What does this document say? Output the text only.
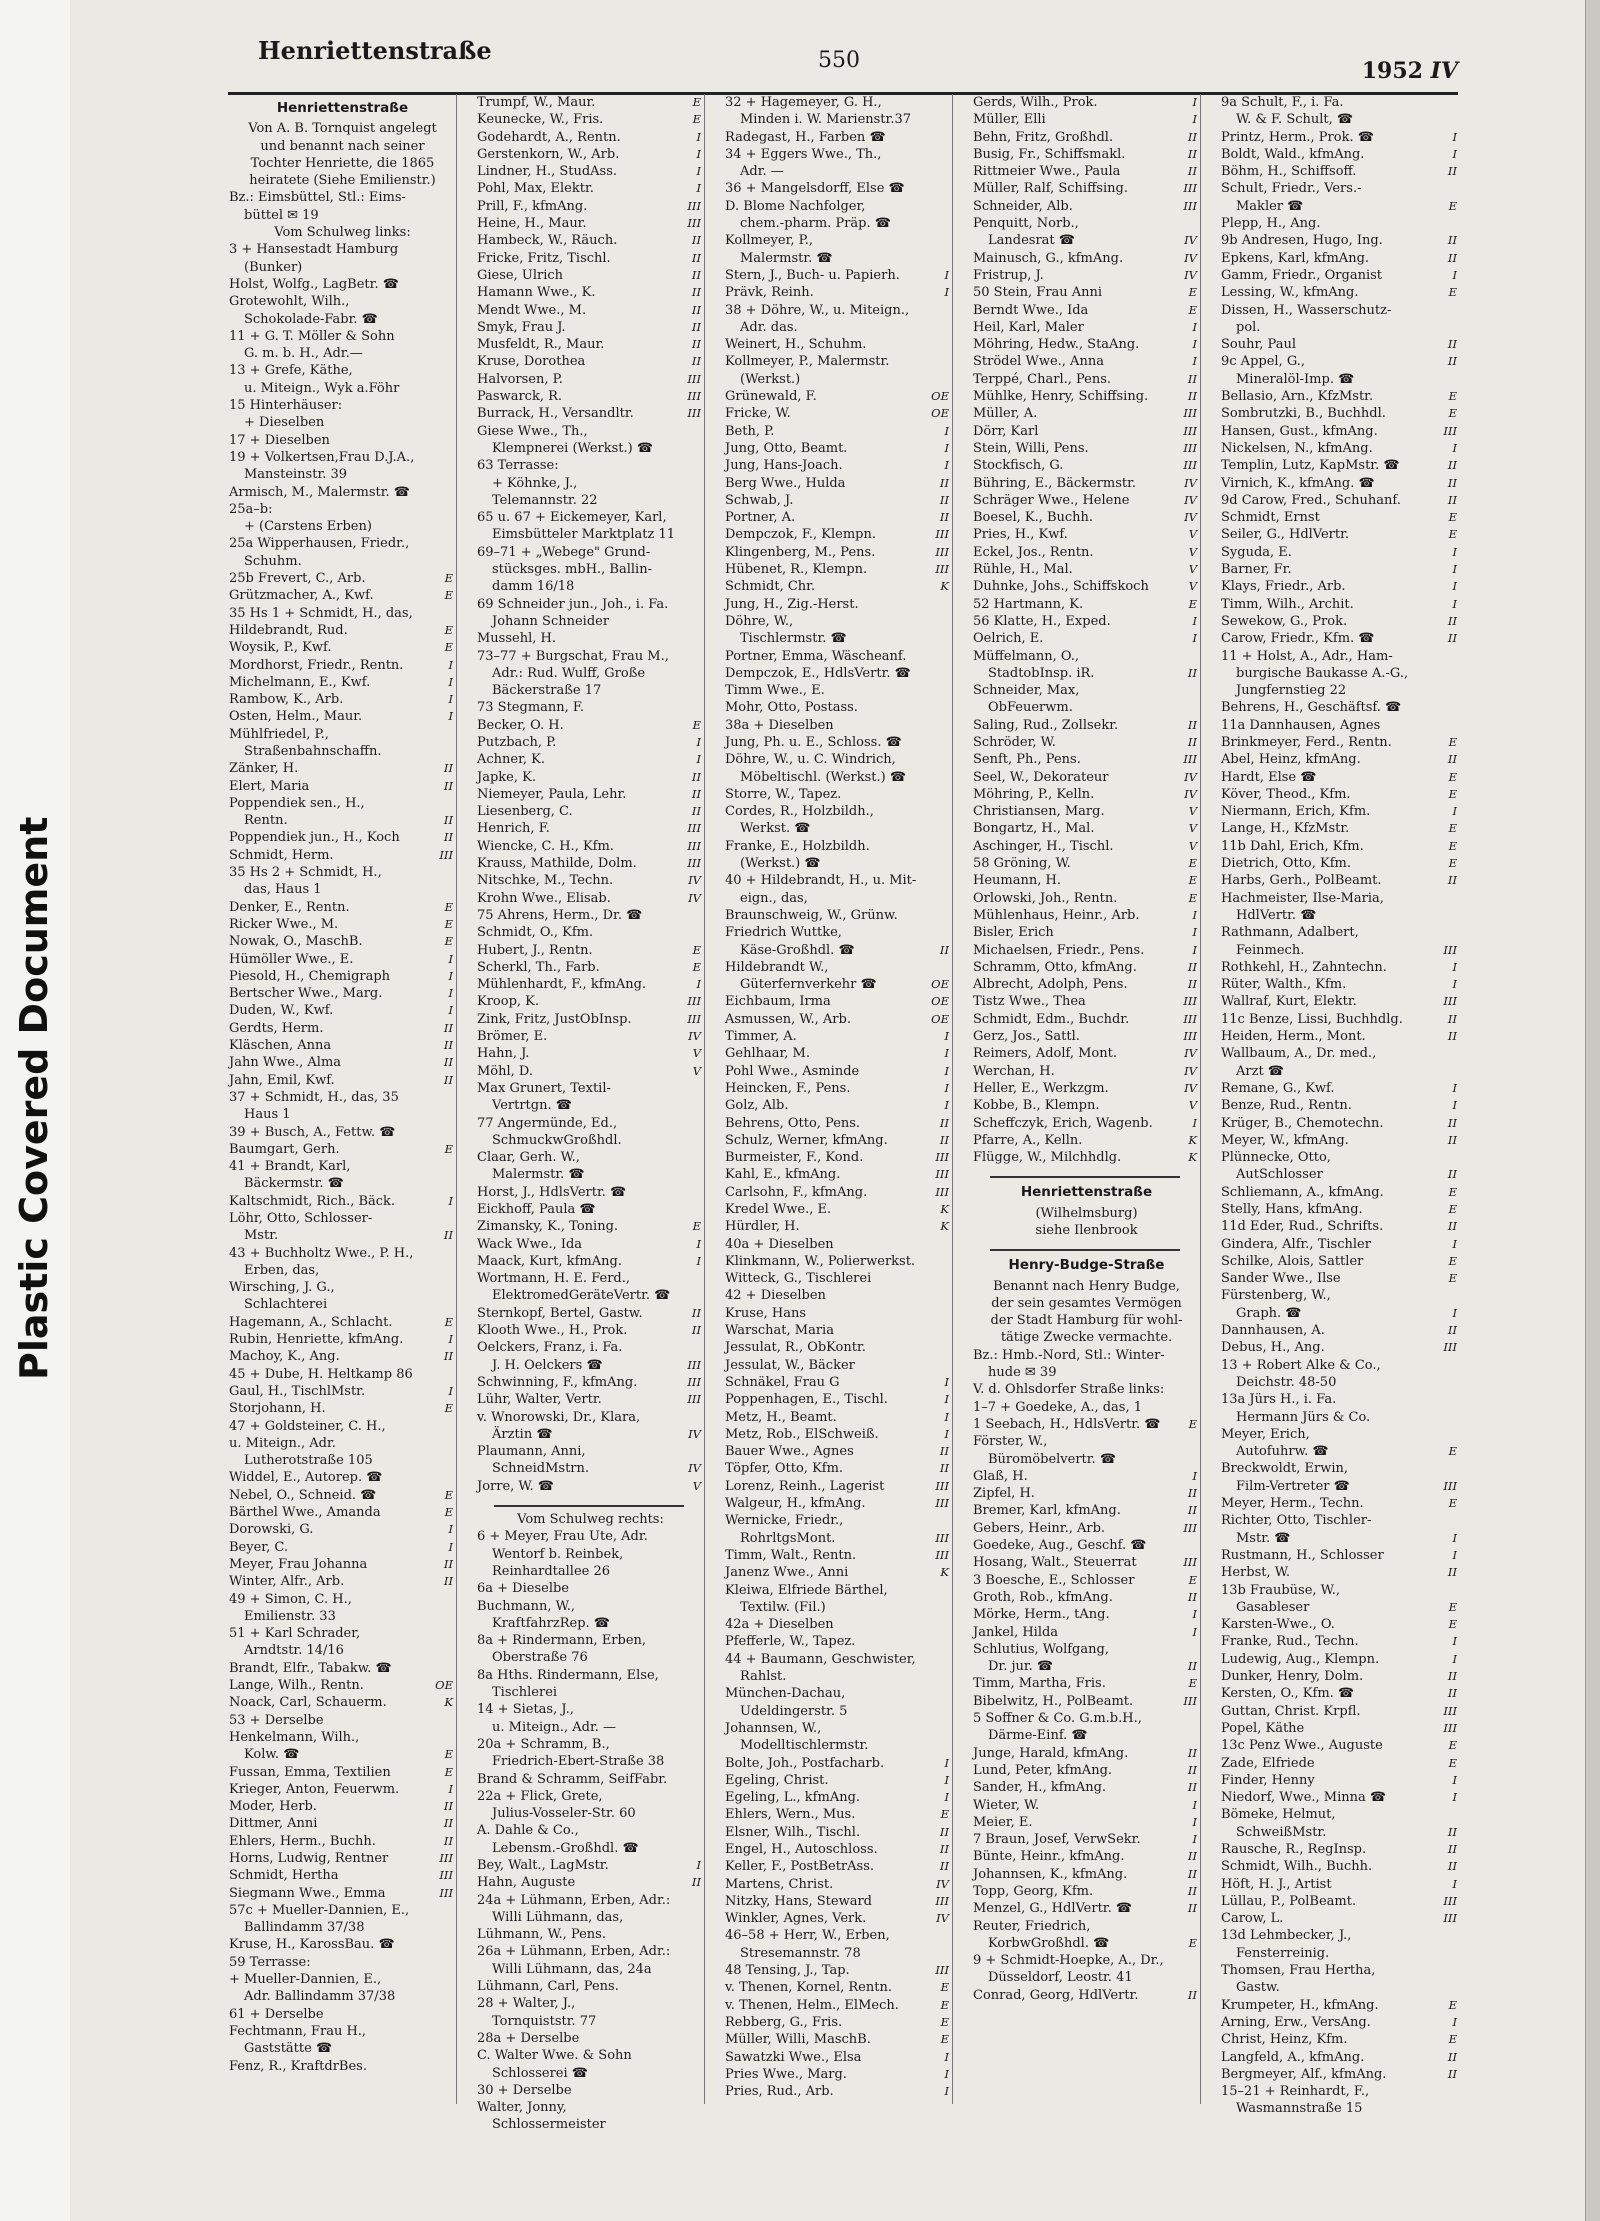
Plastic Covered Document
Henriettenstraße	550	1952 IV
Henriettenstraße
Von A. B. Tornquist angelegt
und benannt nach seiner
Tochter Henriette, die 1865
heiratete (Siehe Emilienstr.)
Bz.: Eimsbüttel, Stl.: Eims-
büttel ✉ 19
Vom Schulweg links:
3 + Hansestadt Hamburg
(Bunker)
Holst, Wolfg., LagBetr. ☎
Grotewohlt, Wilh.,
Schokolade-Fabr. ☎
11 + G. T. Möller & Sohn
G. m. b. H., Adr.—
13 + Grefe, Käthe,
u. Miteign., Wyk a.Föhr
15 Hinterhäuser:
+ Dieselben
17 + Dieselben
19 + Volkertsen,Frau D.J.A.,
Mansteinstr. 39
Armisch, M., Malermstr. ☎
25a–b:
+ (Carstens Erben)
25a Wipperhausen, Friedr.,
Schuhm.
E
25b Frevert, C., Arb.
E
Grützmacher, A., Kwf.
35 Hs 1 + Schmidt, H., das,
E
Hildebrandt, Rud.
E
Woysik, P., Kwf.
I
Mordhorst, Friedr., Rentn.
I
Michelmann, E., Kwf.
I
Rambow, K., Arb.
I
Osten, Helm., Maur.
Mühlfriedel, P.,
Straßenbahnschaffn.
II
Zänker, H.
II
Elert, Maria
Poppendiek sen., H.,
II
Rentn.
II
Poppendiek jun., H., Koch
III
Schmidt, Herm.
35 Hs 2 + Schmidt, H.,
das, Haus 1
E
Denker, E., Rentn.
E
Ricker Wwe., M.
E
Nowak, O., MaschB.
I
Hümöller Wwe., E.
I
Piesold, H., Chemigraph
I
Bertscher Wwe., Marg.
I
Duden, W., Kwf.
II
Gerdts, Herm.
II
Kläschen, Anna
II
Jahn Wwe., Alma
II
Jahn, Emil, Kwf.
37 + Schmidt, H., das, 35
Haus 1
39 + Busch, A., Fettw. ☎
E
Baumgart, Gerh.
41 + Brandt, Karl,
Bäckermstr. ☎
I
Kaltschmidt, Rich., Bäck.
Löhr, Otto, Schlosser-
II
Mstr.
43 + Buchholtz Wwe., P. H.,
Erben, das,
Wirsching, J. G.,
Schlachterei
E
Hagemann, A., Schlacht.
I
Rubin, Henriette, kfmAng.
II
Machoy, K., Ang.
45 + Dube, H. Heltkamp 86
I
Gaul, H., TischlMstr.
E
Storjohann, H.
47 + Goldsteiner, C. H.,
u. Miteign., Adr.
Lutherotstraße 105
Widdel, E., Autorep. ☎
E
Nebel, O., Schneid. ☎
E
Bärthel Wwe., Amanda
I
Dorowski, G.
I
Beyer, C.
II
Meyer, Frau Johanna
II
Winter, Alfr., Arb.
49 + Simon, C. H.,
Emilienstr. 33
51 + Karl Schrader,
Arndtstr. 14/16
Brandt, Elfr., Tabakw. ☎
OE
Lange, Wilh., Rentn.
K
Noack, Carl, Schauerm.
53 + Derselbe
Henkelmann, Wilh.,
E
Kolw. ☎
E
Fussan, Emma, Textilien
I
Krieger, Anton, Feuerwm.
II
Moder, Herb.
II
Dittmer, Anni
II
Ehlers, Herm., Buchh.
III
Horns, Ludwig, Rentner
III
Schmidt, Hertha
III
Siegmann Wwe., Emma
57c + Mueller-Dannien, E.,
Ballindamm 37/38
Kruse, H., KarossBau. ☎
59 Terrasse:
+ Mueller-Dannien, E.,
Adr. Ballindamm 37/38
61 + Derselbe
Fechtmann, Frau H.,
Gaststätte ☎
Fenz, R., KraftdrBes.
E
Trumpf, W., Maur.
E
Keunecke, W., Fris.
I
Godehardt, A., Rentn.
I
Gerstenkorn, W., Arb.
I
Lindner, H., StudAss.
I
Pohl, Max, Elektr.
III
Prill, F., kfmAng.
III
Heine, H., Maur.
II
Hambeck, W., Räuch.
II
Fricke, Fritz, Tischl.
II
Giese, Ulrich
II
Hamann Wwe., K.
II
Mendt Wwe., M.
II
Smyk, Frau J.
II
Musfeldt, R., Maur.
II
Kruse, Dorothea
III
Halvorsen, P.
III
Paswarck, R.
III
Burrack, H., Versandltr.
Giese Wwe., Th.,
Klempnerei (Werkst.) ☎
63 Terrasse:
+ Köhnke, J.,
Telemannstr. 22
65 u. 67 + Eickemeyer, Karl,
Eimsbütteler Marktplatz 11
69–71 + „Webege" Grund-
stücksges. mbH., Ballin-
damm 16/18
69 Schneider jun., Joh., i. Fa.
Johann Schneider
Mussehl, H.
73–77 + Burgschat, Frau M.,
Adr.: Rud. Wulff, Große
Bäckerstraße 17
73 Stegmann, F.
E
Becker, O. H.
I
Putzbach, P.
I
Achner, K.
II
Japke, K.
II
Niemeyer, Paula, Lehr.
II
Liesenberg, C.
III
Henrich, F.
III
Wiencke, C. H., Kfm.
III
Krauss, Mathilde, Dolm.
IV
Nitschke, M., Techn.
IV
Krohn Wwe., Elisab.
75 Ahrens, Herm., Dr. ☎
Schmidt, O., Kfm.
E
Hubert, J., Rentn.
E
Scherkl, Th., Farb.
I
Mühlenhardt, F., kfmAng.
III
Kroop, K.
III
Zink, Fritz, JustObInsp.
IV
Brömer, E.
V
Hahn, J.
V
Möhl, D.
Max Grunert, Textil-
Vertrtgn. ☎
77 Angermünde, Ed.,
SchmuckwGroßhdl.
Claar, Gerh. W.,
Malermstr. ☎
Horst, J., HdlsVertr. ☎
Eickhoff, Paula ☎
E
Zimansky, K., Toning.
I
Wack Wwe., Ida
I
Maack, Kurt, kfmAng.
Wortmann, H. E. Ferd.,
ElektromedGeräteVertr. ☎
II
Sternkopf, Bertel, Gastw.
II
Klooth Wwe., H., Prok.
Oelckers, Franz, i. Fa.
III
J. H. Oelckers ☎
III
Schwinning, F., kfmAng.
III
Lühr, Walter, Vertr.
v. Wnorowski, Dr., Klara,
IV
Ärztin ☎
Plaumann, Anni,
IV
SchneidMstrn.
V
Jorre, W. ☎
Vom Schulweg rechts:
6 + Meyer, Frau Ute, Adr.
Wentorf b. Reinbek,
Reinhardtallee 26
6a + Dieselbe
Buchmann, W.,
KraftfahrzRep. ☎
8a + Rindermann, Erben,
Oberstraße 76
8a Hths. Rindermann, Else,
Tischlerei
14 + Sietas, J.,
u. Miteign., Adr. —
20a + Schramm, B.,
Friedrich-Ebert-Straße 38
Brand & Schramm, SeifFabr.
22a + Flick, Grete,
Julius-Vosseler-Str. 60
A. Dahle & Co.,
Lebensm.-Großhdl. ☎
I
Bey, Walt., LagMstr.
II
Hahn, Auguste
24a + Lühmann, Erben, Adr.:
Willi Lühmann, das,
Lühmann, W., Pens.
26a + Lühmann, Erben, Adr.:
Willi Lühmann, das, 24a
Lühmann, Carl, Pens.
28 + Walter, J.,
Tornquiststr. 77
28a + Derselbe
C. Walter Wwe. & Sohn
Schlosserei ☎
30 + Derselbe
Walter, Jonny,
Schlossermeister
32 + Hagemeyer, G. H.,
Minden i. W. Marienstr.37
Radegast, H., Farben ☎
34 + Eggers Wwe., Th.,
Adr. —
36 + Mangelsdorff, Else ☎
D. Blome Nachfolger,
chem.-pharm. Präp. ☎
Kollmeyer, P.,
Malermstr. ☎
I
Stern, J., Buch- u. Papierh.
I
Prävk, Reinh.
38 + Döhre, W., u. Miteign.,
Adr. das.
Weinert, H., Schuhm.
Kollmeyer, P., Malermstr.
(Werkst.)
OE
Grünewald, F.
OE
Fricke, W.
I
Beth, P.
I
Jung, Otto, Beamt.
I
Jung, Hans-Joach.
II
Berg Wwe., Hulda
II
Schwab, J.
II
Portner, A.
III
Dempczok, F., Klempn.
III
Klingenberg, M., Pens.
III
Hübenet, R., Klempn.
K
Schmidt, Chr.
Jung, H., Zig.-Herst.
Döhre, W.,
Tischlermstr. ☎
Portner, Emma, Wäscheanf.
Dempczok, E., HdlsVertr. ☎
Timm Wwe., E.
Mohr, Otto, Postass.
38a + Dieselben
Jung, Ph. u. E., Schloss. ☎
Döhre, W., u. C. Windrich,
Möbeltischl. (Werkst.) ☎
Storre, W., Tapez.
Cordes, R., Holzbildh.,
Werkst. ☎
Franke, E., Holzbildh.
(Werkst.) ☎
40 + Hildebrandt, H., u. Mit-
eign., das,
Braunschweig, W., Grünw.
Friedrich Wuttke,
II
Käse-Großhdl. ☎
Hildebrandt W.,
OE
Güterfernverkehr ☎
OE
Eichbaum, Irma
OE
Asmussen, W., Arb.
I
Timmer, A.
I
Gehlhaar, M.
I
Pohl Wwe., Asminde
I
Heincken, F., Pens.
I
Golz, Alb.
II
Behrens, Otto, Pens.
II
Schulz, Werner, kfmAng.
III
Burmeister, F., Kond.
III
Kahl, E., kfmAng.
III
Carlsohn, F., kfmAng.
K
Kredel Wwe., E.
K
Hürdler, H.
40a + Dieselben
Klinkmann, W., Polierwerkst.
Witteck, G., Tischlerei
42 + Dieselben
Kruse, Hans
Warschat, Maria
Jessulat, R., ObKontr.
Jessulat, W., Bäcker
I
Schnäkel, Frau G
I
Poppenhagen, E., Tischl.
I
Metz, H., Beamt.
I
Metz, Rob., ElSchweiß.
II
Bauer Wwe., Agnes
II
Töpfer, Otto, Kfm.
III
Lorenz, Reinh., Lagerist
III
Walgeur, H., kfmAng.
Wernicke, Friedr.,
III
RohrltgsMont.
III
Timm, Walt., Rentn.
K
Janenz Wwe., Anni
Kleiwa, Elfriede Bärthel,
Textilw. (Fil.)
42a + Dieselben
Pfefferle, W., Tapez.
44 + Baumann, Geschwister,
Rahlst.
München-Dachau,
Udeldingerstr. 5
Johannsen, W.,
Modelltischlermstr.
I
Bolte, Joh., Postfacharb.
I
Egeling, Christ.
I
Egeling, L., kfmAng.
E
Ehlers, Wern., Mus.
II
Elsner, Wilh., Tischl.
II
Engel, H., Autoschloss.
II
Keller, F., PostBetrAss.
IV
Martens, Christ.
III
Nitzky, Hans, Steward
IV
Winkler, Agnes, Verk.
46–58 + Herr, W., Erben,
Stresemannstr. 78
III
48 Tensing, J., Tap.
E
v. Thenen, Kornel, Rentn.
E
v. Thenen, Helm., ElMech.
E
Rebberg, G., Fris.
E
Müller, Willi, MaschB.
I
Sawatzki Wwe., Elsa
I
Pries Wwe., Marg.
I
Pries, Rud., Arb.
I
Gerds, Wilh., Prok.
I
Müller, Elli
II
Behn, Fritz, Großhdl.
II
Busig, Fr., Schiffsmakl.
II
Rittmeier Wwe., Paula
III
Müller, Ralf, Schiffsing.
III
Schneider, Alb.
Penquitt, Norb.,
IV
Landesrat ☎
IV
Mainusch, G., kfmAng.
IV
Fristrup, J.
E
50 Stein, Frau Anni
E
Berndt Wwe., Ida
I
Heil, Karl, Maler
I
Möhring, Hedw., StaAng.
I
Strödel Wwe., Anna
II
Terppé, Charl., Pens.
II
Mühlke, Henry, Schiffsing.
III
Müller, A.
III
Dörr, Karl
III
Stein, Willi, Pens.
III
Stockfisch, G.
IV
Bühring, E., Bäckermstr.
IV
Schräger Wwe., Helene
IV
Boesel, K., Buchh.
V
Pries, H., Kwf.
V
Eckel, Jos., Rentn.
V
Rühle, H., Mal.
V
Duhnke, Johs., Schiffskoch
E
52 Hartmann, K.
I
56 Klatte, H., Exped.
I
Oelrich, E.
Müffelmann, O.,
II
StadtobInsp. iR.
Schneider, Max,
ObFeuerwm.
II
Saling, Rud., Zollsekr.
II
Schröder, W.
III
Senft, Ph., Pens.
IV
Seel, W., Dekorateur
IV
Möhring, P., Kelln.
V
Christiansen, Marg.
V
Bongartz, H., Mal.
V
Aschinger, H., Tischl.
E
58 Gröning, W.
E
Heumann, H.
E
Orlowski, Joh., Rentn.
I
Mühlenhaus, Heinr., Arb.
I
Bisler, Erich
I
Michaelsen, Friedr., Pens.
II
Schramm, Otto, kfmAng.
II
Albrecht, Adolph, Pens.
III
Tistz Wwe., Thea
III
Schmidt, Edm., Buchdr.
III
Gerz, Jos., Sattl.
IV
Reimers, Adolf, Mont.
IV
Werchan, H.
IV
Heller, E., Werkzgm.
V
Kobbe, B., Klempn.
I
Scheffczyk, Erich, Wagenb.
K
Pfarre, A., Kelln.
K
Flügge, W., Milchhdlg.
Henriettenstraße
(Wilhelmsburg)
siehe Ilenbrook
Henry-Budge-Straße
Benannt nach Henry Budge,
der sein gesamtes Vermögen
der Stadt Hamburg für wohl-
tätige Zwecke vermachte.
Bz.: Hmb.-Nord, Stl.: Winter-
hude ✉ 39
V. d. Ohlsdorfer Straße links:
1–7 + Goedeke, A., das, 1
E
1 Seebach, H., HdlsVertr. ☎
Förster, W.,
Büromöbelvertr. ☎
I
Glaß, H.
II
Zipfel, H.
II
Bremer, Karl, kfmAng.
III
Gebers, Heinr., Arb.
Goedeke, Aug., Geschf. ☎
III
Hosang, Walt., Steuerrat
E
3 Boesche, E., Schlosser
II
Groth, Rob., kfmAng.
I
Mörke, Herm., tAng.
I
Jankel, Hilda
Schlutius, Wolfgang,
II
Dr. jur. ☎
E
Timm, Martha, Fris.
III
Bibelwitz, H., PolBeamt.
5 Soffner & Co. G.m.b.H.,
Därme-Einf. ☎
II
Junge, Harald, kfmAng.
II
Lund, Peter, kfmAng.
II
Sander, H., kfmAng.
I
Wieter, W.
I
Meier, E.
I
7 Braun, Josef, VerwSekr.
II
Bünte, Heinr., kfmAng.
II
Johannsen, K., kfmAng.
II
Topp, Georg, Kfm.
II
Menzel, G., HdlVertr. ☎
Reuter, Friedrich,
E
KorbwGroßhdl. ☎
9 + Schmidt-Hoepke, A., Dr.,
Düsseldorf, Leostr. 41
II
Conrad, Georg, HdlVertr.
9a Schult, F., i. Fa.
W. & F. Schult, ☎
I
Printz, Herm., Prok. ☎
I
Boldt, Wald., kfmAng.
II
Böhm, H., Schiffsoff.
Schult, Friedr., Vers.-
E
Makler ☎
Plepp, H., Ang.
II
9b Andresen, Hugo, Ing.
II
Epkens, Karl, kfmAng.
I
Gamm, Friedr., Organist
E
Lessing, W., kfmAng.
Dissen, H., Wasserschutz-
pol.
II
Souhr, Paul
II
9c Appel, G.,
Mineralöl-Imp. ☎
E
Bellasio, Arn., KfzMstr.
E
Sombrutzki, B., Buchhdl.
III
Hansen, Gust., kfmAng.
I
Nickelsen, N., kfmAng.
II
Templin, Lutz, KapMstr. ☎
II
Virnich, K., kfmAng. ☎
II
9d Carow, Fred., Schuhanf.
E
Schmidt, Ernst
E
Seiler, G., HdlVertr.
I
Syguda, E.
I
Barner, Fr.
I
Klays, Friedr., Arb.
I
Timm, Wilh., Archit.
II
Sewekow, G., Prok.
II
Carow, Friedr., Kfm. ☎
11 + Holst, A., Adr., Ham-
burgische Baukasse A.-G.,
Jungfernstieg 22
Behrens, H., Geschäftsf. ☎
11a Dannhausen, Agnes
E
Brinkmeyer, Ferd., Rentn.
II
Abel, Heinz, kfmAng.
E
Hardt, Else ☎
E
Köver, Theod., Kfm.
I
Niermann, Erich, Kfm.
E
Lange, H., KfzMstr.
E
11b Dahl, Erich, Kfm.
E
Dietrich, Otto, Kfm.
II
Harbs, Gerh., PolBeamt.
Hachmeister, Ilse-Maria,
HdlVertr. ☎
Rathmann, Adalbert,
III
Feinmech.
I
Rothkehl, H., Zahntechn.
I
Rüter, Walth., Kfm.
III
Wallraf, Kurt, Elektr.
II
11c Benze, Lissi, Buchhdlg.
II
Heiden, Herm., Mont.
Wallbaum, A., Dr. med.,
Arzt ☎
I
Remane, G., Kwf.
I
Benze, Rud., Rentn.
II
Krüger, B., Chemotechn.
II
Meyer, W., kfmAng.
Plünnecke, Otto,
II
AutSchlosser
E
Schliemann, A., kfmAng.
E
Stelly, Hans, kfmAng.
II
11d Eder, Rud., Schrifts.
I
Gindera, Alfr., Tischler
E
Schilke, Alois, Sattler
E
Sander Wwe., Ilse
Fürstenberg, W.,
I
Graph. ☎
II
Dannhausen, A.
III
Debus, H., Ang.
13 + Robert Alke & Co.,
Deichstr. 48-50
13a Jürs H., i. Fa.
Hermann Jürs & Co.
Meyer, Erich,
E
Autofuhrw. ☎
Breckwoldt, Erwin,
III
Film-Vertreter ☎
E
Meyer, Herm., Techn.
Richter, Otto, Tischler-
I
Mstr. ☎
I
Rustmann, H., Schlosser
II
Herbst, W.
13b Fraubüse, W.,
E
Gasableser
E
Karsten-Wwe., O.
I
Franke, Rud., Techn.
I
Ludewig, Aug., Klempn.
II
Dunker, Henry, Dolm.
II
Kersten, O., Kfm. ☎
III
Guttan, Christ. Krpfl.
III
Popel, Käthe
E
13c Penz Wwe., Auguste
E
Zade, Elfriede
I
Finder, Henny
I
Niedorf, Wwe., Minna ☎
Bömeke, Helmut,
II
SchweißMstr.
II
Rausche, R., RegInsp.
II
Schmidt, Wilh., Buchh.
I
Höft, H. J., Artist
III
Lüllau, P., PolBeamt.
III
Carow, L.
13d Lehmbecker, J.,
Fensterreinig.
Thomsen, Frau Hertha,
Gastw.
E
Krumpeter, H., kfmAng.
I
Arning, Erw., VersAng.
E
Christ, Heinz, Kfm.
II
Langfeld, A., kfmAng.
II
Bergmeyer, Alf., kfmAng.
15–21 + Reinhardt, F.,
Wasmannstraße 15
